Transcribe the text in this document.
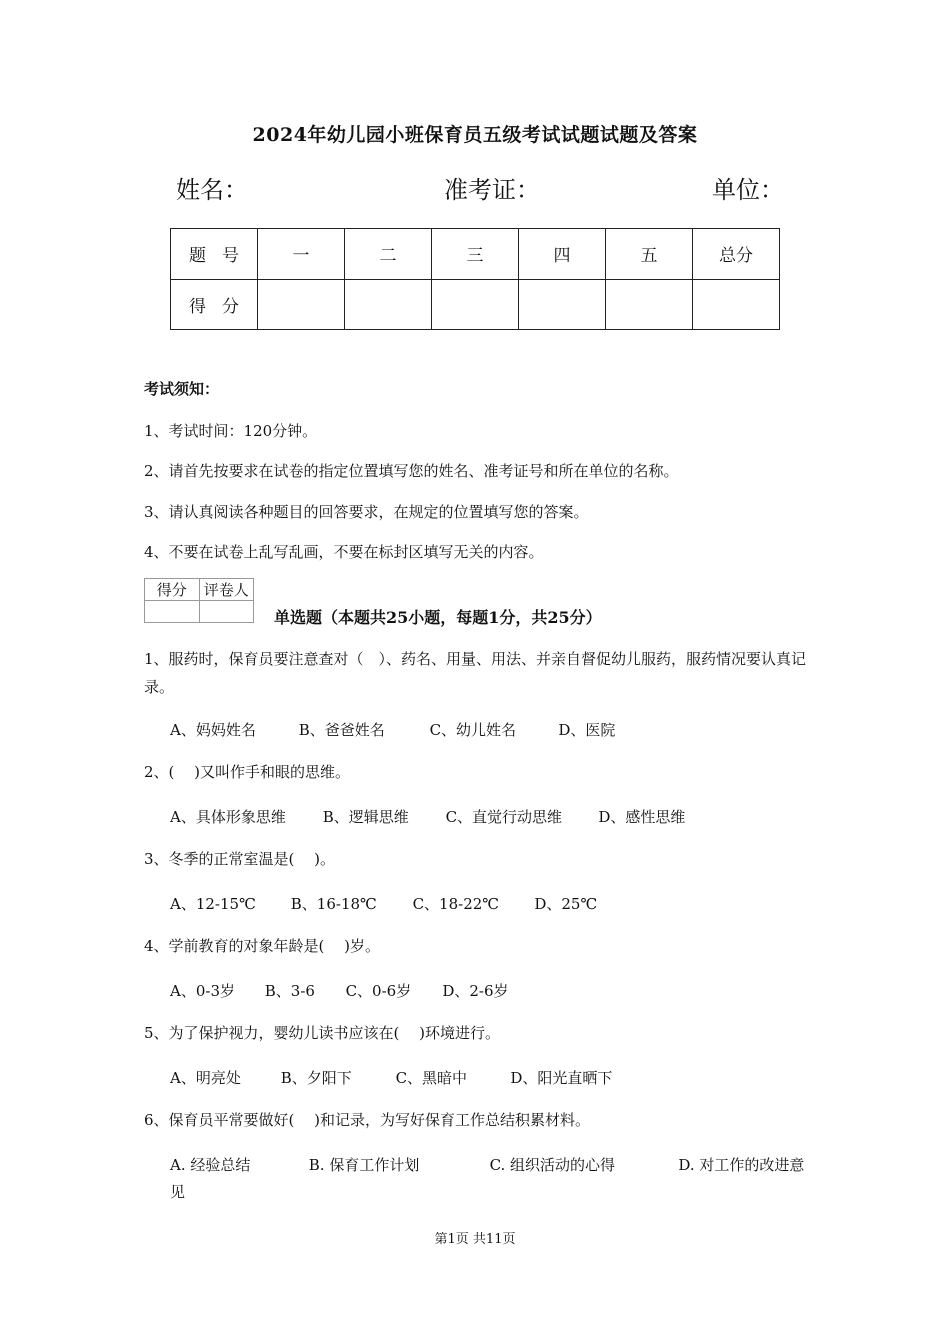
2024年幼儿园小班保育员五级考试试题试题及答案
姓名：	准考证：	单位：
题号	一	二	三	四	五	总分
得分						
考试须知：
1、考试时间：120分钟。
2、请首先按要求在试卷的指定位置填写您的姓名、准考证号和所在单位的名称。
3、请认真阅读各种题目的回答要求，在规定的位置填写您的答案。
4、不要在试卷上乱写乱画，不要在标封区填写无关的内容。
得分	评卷人

单选题（本题共25小题，每题1分，共25分）
1、服药时，保育员要注意查对（　）、药名、用量、用法、并亲自督促幼儿服药，服药情况要认真记录。
A、妈妈姓名	B、爸爸姓名	C、幼儿姓名	D、医院
2、(　 )又叫作手和眼的思维。
A、具体形象思维 B、逻辑思维 C、直觉行动思维 D、感性思维
3、冬季的正常室温是(　 )。
A、12-15℃ B、16-18℃ C、18-22℃ D、25℃
4、学前教育的对象年龄是(　 )岁。
A、0-3岁 B、3-6 C、0-6岁 D、2-6岁
5、为了保护视力，婴幼儿读书应该在(　 )环境进行。
A、明亮处	B、夕阳下	C、黑暗中	D、阳光直晒下
6、保育员平常要做好(　 )和记录，为写好保育工作总结积累材料。
A. 经验总结	B. 保育工作计划	C. 组织活动的心得	D. 对工作的改进意见
第1页 共11页
